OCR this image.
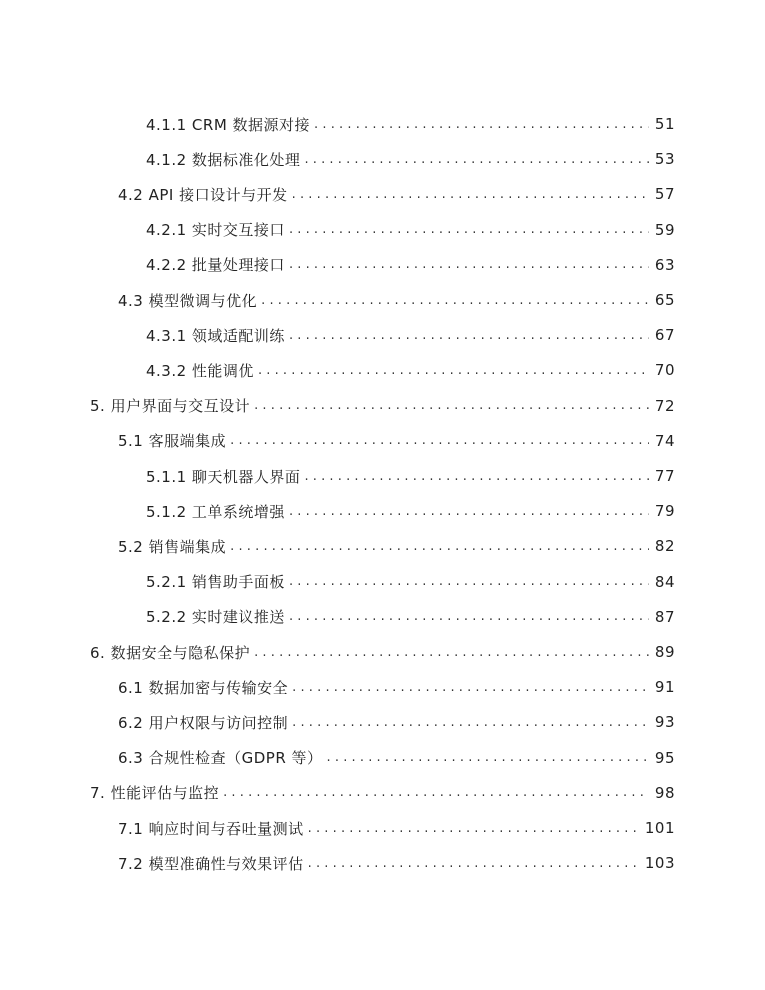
4.1.1 CRM 数据源对接 .....	51
4.1.2 数据标准化处理 .....	53
4.2 API 接口设计与开发 .....	57
4.2.1 实时交互接口 .....	59
4.2.2 批量处理接口 .....	63
4.3 模型微调与优化 .....	65
4.3.1 领域适配训练 .....	67
4.3.2 性能调优 .....	70
5. 用户界面与交互设计 .....	72
5.1 客服端集成 .....	74
5.1.1 聊天机器人界面 .....	77
5.1.2 工单系统增强 .....	79
5.2 销售端集成 .....	82
5.2.1 销售助手面板 .....	84
5.2.2 实时建议推送 .....	87
6. 数据安全与隐私保护 .....	89
6.1 数据加密与传输安全 .....	91
6.2 用户权限与访问控制 .....	93
6.3 合规性检查（GDPR 等） .....	95
7. 性能评估与监控 .....	98
7.1 响应时间与吞吐量测试 .....	101
7.2 模型准确性与效果评估 .....	103
